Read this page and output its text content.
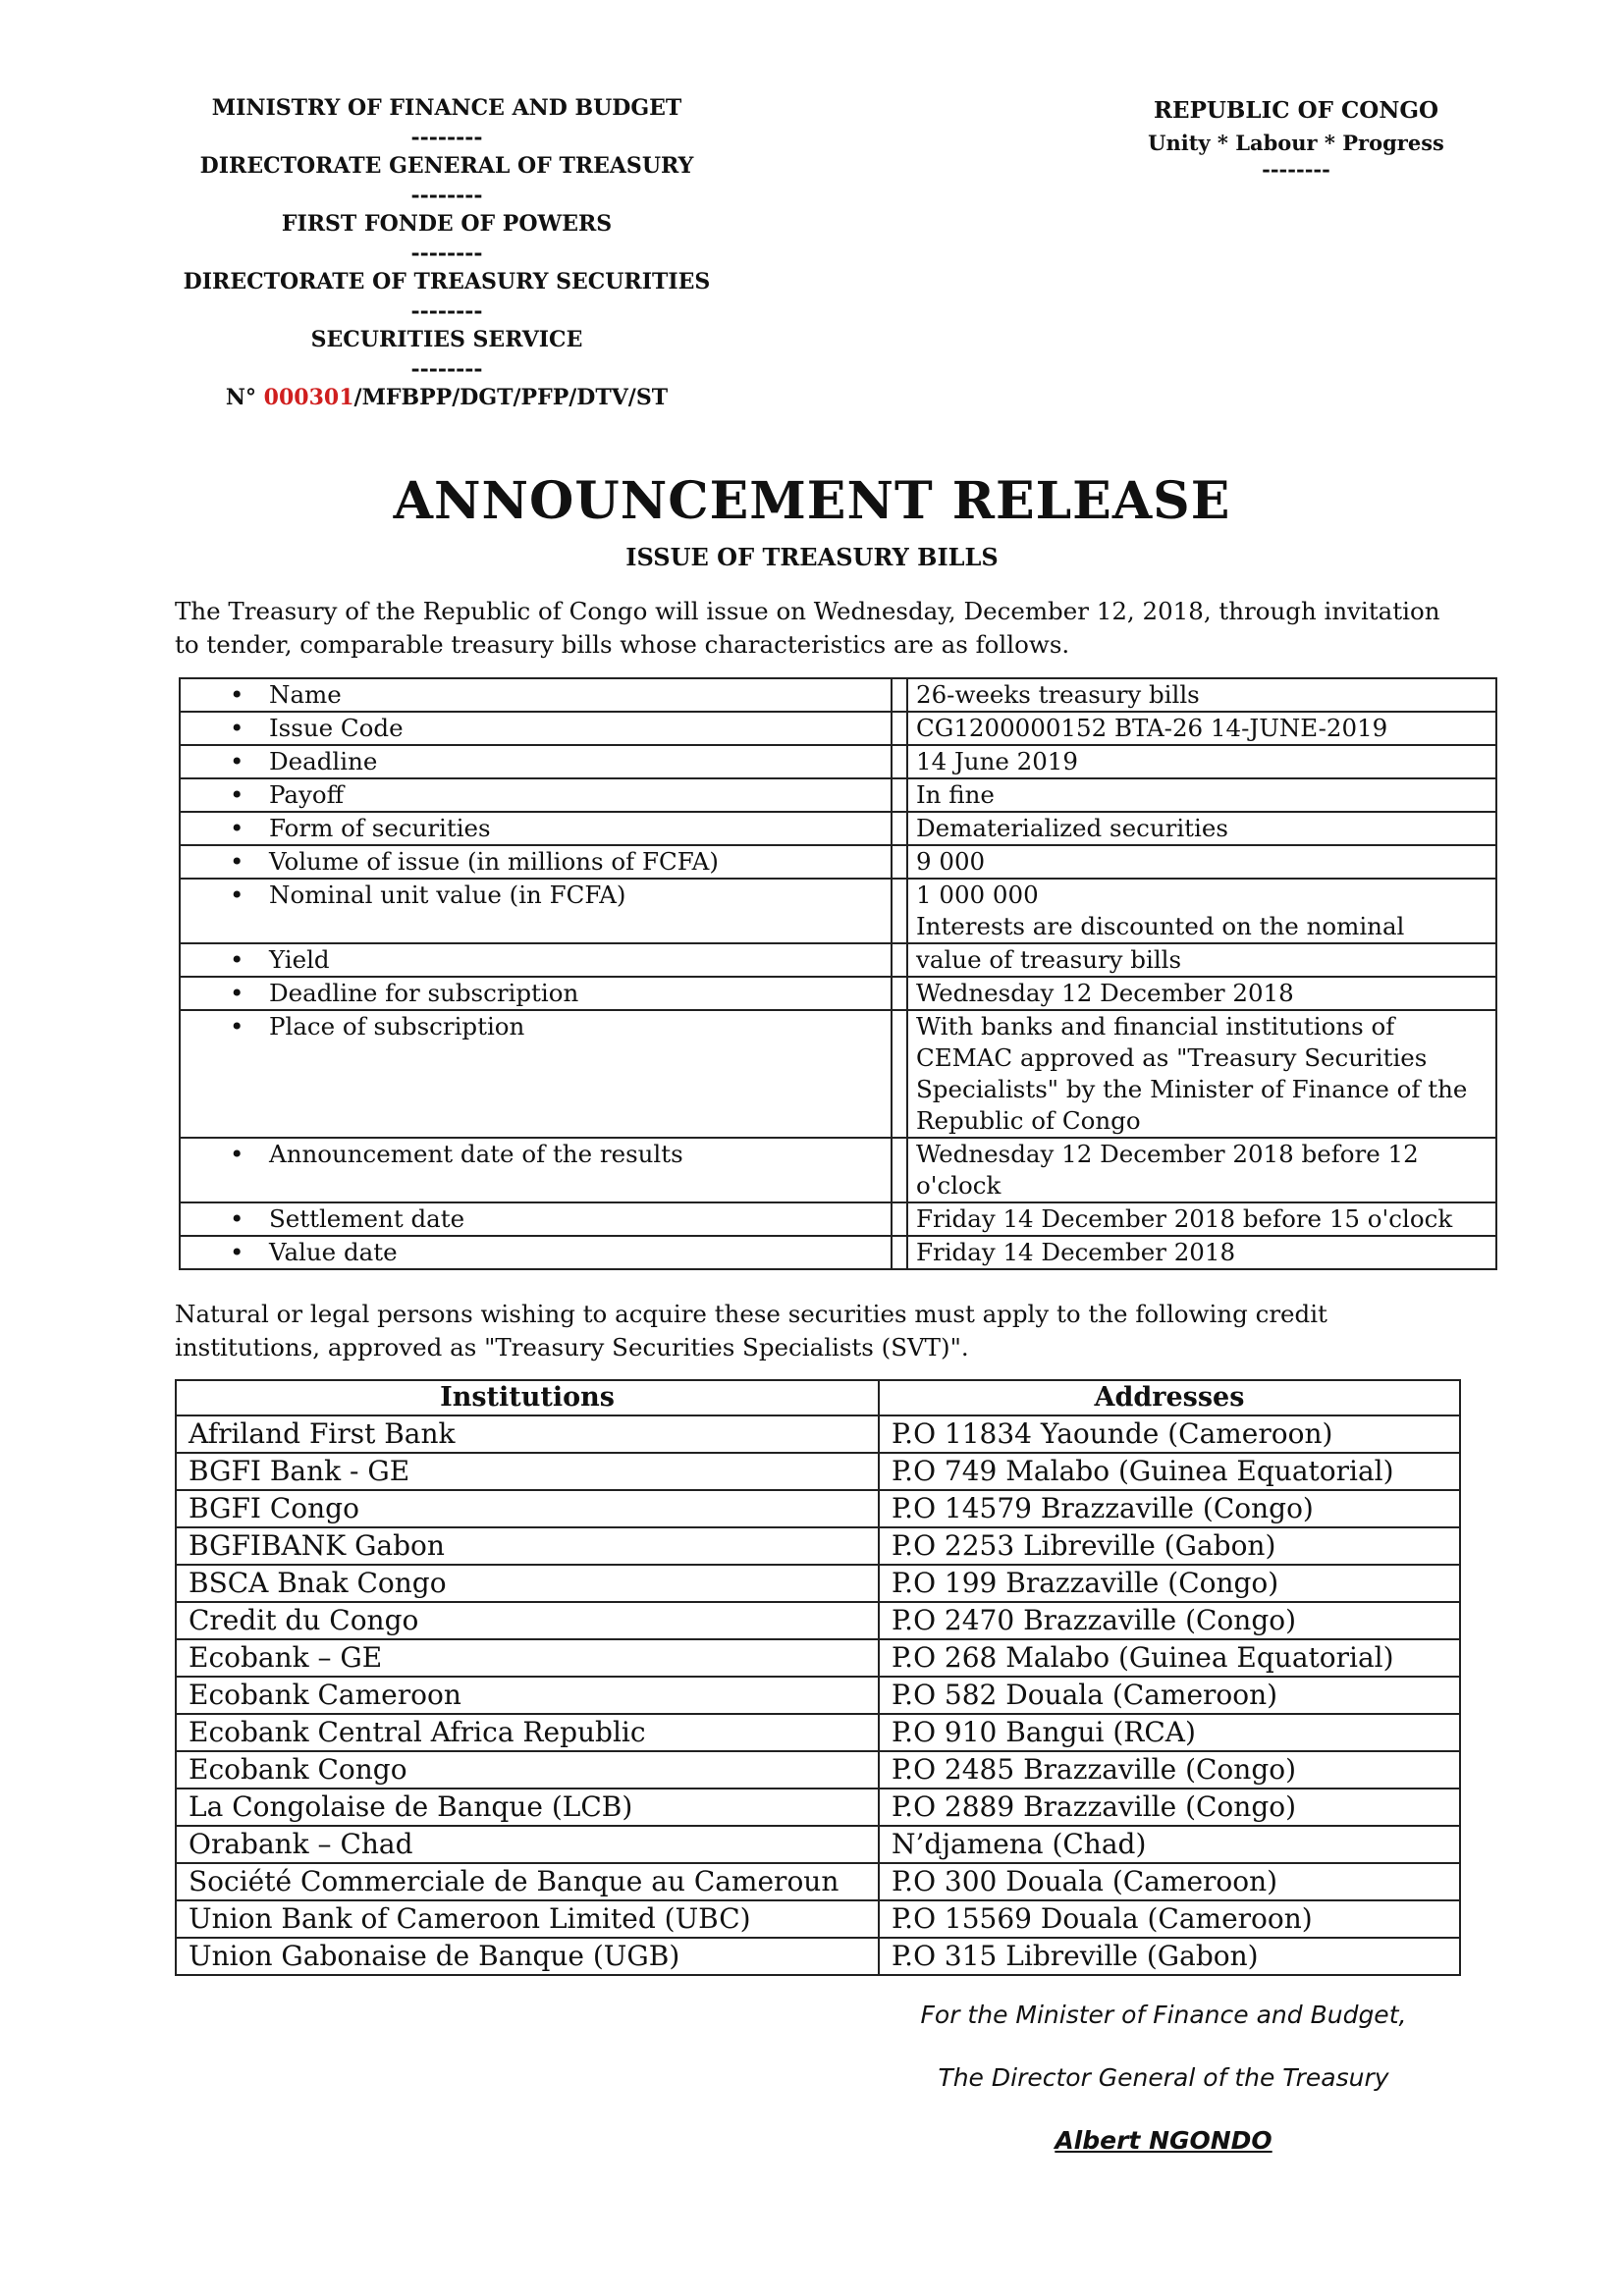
MINISTRY OF FINANCE AND BUDGET
--------
DIRECTORATE GENERAL OF TREASURY
--------
FIRST FONDE OF POWERS
--------
DIRECTORATE OF TREASURY SECURITIES
--------
SECURITIES SERVICE
--------
N° 000301/MFBPP/DGT/PFP/DTV/ST
REPUBLIC OF CONGO
Unity * Labour * Progress
--------
ANNOUNCEMENT RELEASE
ISSUE OF TREASURY BILLS
The Treasury of the Republic of Congo will issue on Wednesday, December 12, 2018, through invitation to tender, comparable treasury bills whose characteristics are as follows.
• Name		26-weeks treasury bills

• Issue Code		CG1200000152 BTA-26 14-JUNE-2019

• Deadline		14 June 2019

• Payoff		In fine

• Form of securities		Dematerialized securities

• Volume of issue (in millions of FCFA)		9 000

• Nominal unit value (in FCFA)		1 000 000
Interests are discounted on the nominal

• Yield		value of treasury bills

• Deadline for subscription		Wednesday 12 December 2018

• Place of subscription		With banks and financial institutions of CEMAC approved as "Treasury Securities Specialists" by the Minister of Finance of the Republic of Congo

• Announcement date of the results		Wednesday 12 December 2018 before 12 o'clock

• Settlement date		Friday 14 December 2018 before 15 o'clock

• Value date		Friday 14 December 2018
Natural or legal persons wishing to acquire these securities must apply to the following credit institutions, approved as "Treasury Securities Specialists (SVT)".
Institutions	Addresses
Afriland First Bank	P.O 11834 Yaounde (Cameroon)
BGFI Bank - GE	P.O 749 Malabo (Guinea Equatorial)
BGFI Congo	P.O 14579 Brazzaville (Congo)
BGFIBANK Gabon	P.O 2253 Libreville (Gabon)
BSCA Bnak Congo	P.O 199 Brazzaville (Congo)
Credit du Congo	P.O 2470 Brazzaville (Congo)
Ecobank – GE	P.O 268 Malabo (Guinea Equatorial)
Ecobank Cameroon	P.O 582 Douala (Cameroon)
Ecobank Central Africa Republic	P.O 910 Bangui (RCA)
Ecobank Congo	P.O 2485 Brazzaville (Congo)
La Congolaise de Banque (LCB)	P.O 2889 Brazzaville (Congo)
Orabank – Chad	N’djamena (Chad)
Société Commerciale de Banque au Cameroun	P.O 300 Douala (Cameroon)
Union Bank of Cameroon Limited (UBC)	P.O 15569 Douala (Cameroon)
Union Gabonaise de Banque (UGB)	P.O 315 Libreville (Gabon)
For the Minister of Finance and Budget,
The Director General of the Treasury
Albert NGONDO
